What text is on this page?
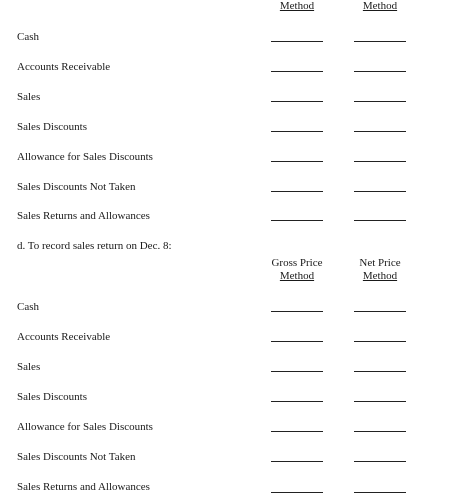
Method	Method
Cash
Accounts Receivable
Sales
Sales Discounts
Allowance for Sales Discounts
Sales Discounts Not Taken
Sales Returns and Allowances
d. To record sales return on Dec. 8:
Gross Price
Method
Net Price
Method
Cash
Accounts Receivable
Sales
Sales Discounts
Allowance for Sales Discounts
Sales Discounts Not Taken
Sales Returns and Allowances
